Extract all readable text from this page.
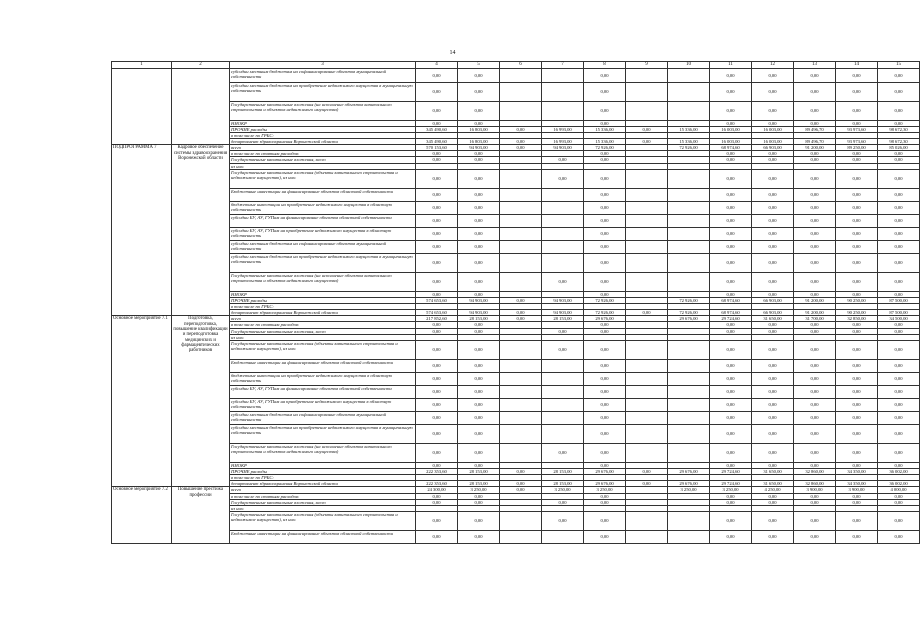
14
1	2	3	4	5	6	7	8	9	10	11	12	13	14	15
		субсидии местным бюджетам на софинансирование объектов муниципальной собственности	0,00	0,00			0,00			0,00	0,00	0,00	0,00	0,00
		субсидии местным бюджетам на приобретение недвижимого имущества в муниципальную собственность	0,00	0,00			0,00			0,00	0,00	0,00	0,00	0,00
		Государственные капитальные вложения (на исполнение объектов капитального строительства и объектов недвижимого имущества)	0,00	0,00			0,00			0,00	0,00	0,00	0,00	0,00
		НИОКР	0,00	0,00			0,00			0,00	0,00	0,00	0,00	0,00
		ПРОЧИЕ расходы	345 490,60	16 803,00	0,00	16 993,00	15 336,00	0,00	15 336,00	16 003,00	16 003,00	89 496,70	93 973,60	98 672,30
		в том числе по ГРБС:												
		департамент здравоохранения Воронежской области	345 490,60	16 803,00	0,00	16 993,00	15 336,00	0,00	15 336,00	16 003,00	16 003,00	89 496,70	93 973,60	98 672,30
ПОДПРОГРАММА 7	Кадровое обеспечение системы здравоохранения Воронежской области	всего	570 153,60	94 903,00	0,00	94 903,00	72 926,00		72 926,00	68 974,60	66 903,00	91 200,00	89 250,00	85 026,00
		в том числе по статьям расходов:	0,00	0,00			0,00			0,00	0,00	0,00	0,00	0,00
		Государственные капитальные вложения, всего	0,00	0,00		0,00	0,00			0,00	0,00	0,00	0,00	0,00
		из них:												
		Государственные капитальные вложения (объекты капитального строительства и недвижимое имущество), из них:	0,00	0,00		0,00	0,00			0,00	0,00	0,00	0,00	0,00
		Бюджетные инвестиции на финансирование объектов областной собственности	0,00	0,00			0,00			0,00	0,00	0,00	0,00	0,00
		бюджетные инвестиции на приобретение недвижимого имущества в областную собственность	0,00	0,00			0,00			0,00	0,00	0,00	0,00	0,00
		субсидии БУ, АУ, ГУПам на финансирование объектов областной собственности	0,00	0,00			0,00			0,00	0,00	0,00	0,00	0,00
		субсидии БУ, АУ, ГУПам на приобретение недвижимого имущества в областную собственность	0,00	0,00			0,00			0,00	0,00	0,00	0,00	0,00
		субсидии местным бюджетам на софинансирование объектов муниципальной собственности	0,00	0,00			0,00			0,00	0,00	0,00	0,00	0,00
		субсидии местным бюджетам на приобретение недвижимого имущества в муниципальную собственность	0,00	0,00			0,00			0,00	0,00	0,00	0,00	0,00
		Государственные капитальные вложения (на исполнение объектов капитального строительства и объектов недвижимого имущества)	0,00	0,00		0,00	0,00			0,00	0,00	0,00	0,00	0,00
		НИОКР	0,00	0,00			0,00			0,00	0,00	0,00	0,00	0,00
		ПРОЧИЕ расходы	574 653,60	94 903,00	0,00	94 903,00	72 926,00		72 926,00	68 974,60	66 903,00	91 200,00	90 250,00	87 500,00
		в том числе по ГРБС:												
		департамент здравоохранения Воронежской области	574 653,60	94 903,00	0,00	94 903,00	72 926,00	0,00	72 926,00	68 974,60	66 903,00	91 200,00	90 250,00	87 500,00
Основное мероприятие 7.1	Подготовка, переподготовка, повышение квалификации и переподготовка медицинских и фармацевтических работников	всего	217 852,60	28 153,00	0,00	28 153,00	29 676,00		29 676,00	29 724,60	31 650,00	31 700,00	32 850,00	34 500,00
		в том числе по статьям расходов:	0,00	0,00			0,00			0,00	0,00	0,00	0,00	0,00
		Государственные капитальные вложения, всего	0,00	0,00		0,00	0,00			0,00	0,00	0,00	0,00	0,00
		из них:												
		Государственные капитальные вложения (объекты капитального строительства и недвижимое имущество), из них:	0,00	0,00		0,00	0,00			0,00	0,00	0,00	0,00	0,00
		Бюджетные инвестиции на финансирование объектов областной собственности	0,00	0,00			0,00			0,00	0,00	0,00	0,00	0,00
		бюджетные инвестиции на приобретение недвижимого имущества в областную собственность	0,00	0,00			0,00			0,00	0,00	0,00	0,00	0,00
		субсидии БУ, АУ, ГУПам на финансирование объектов областной собственности	0,00	0,00			0,00			0,00	0,00	0,00	0,00	0,00
		субсидии БУ, АУ, ГУПам на приобретение недвижимого имущества в областную собственность	0,00	0,00			0,00			0,00	0,00	0,00	0,00	0,00
		субсидии местным бюджетам на софинансирование объектов муниципальной собственности	0,00	0,00			0,00			0,00	0,00	0,00	0,00	0,00
		субсидии местным бюджетам на приобретение недвижимого имущества в муниципальную собственность	0,00	0,00			0,00			0,00	0,00	0,00	0,00	0,00
		Государственные капитальные вложения (на исполнение объектов капитального строительства и объектов недвижимого имущества)	0,00	0,00		0,00	0,00			0,00	0,00	0,00	0,00	0,00
		НИОКР	0,00	0,00			0,00			0,00	0,00	0,00	0,00	0,00
		ПРОЧИЕ расходы	222 353,60	28 153,00	0,00	28 153,00	29 676,00	0,00	29 676,00	29 724,60	31 650,00	32 860,00	34 350,00	36 002,00
		в том числе по ГРБС:												
		департамент здравоохранения Воронежской области	222 353,60	28 153,00	0,00	28 153,00	29 676,00	0,00	29 676,00	29 724,60	31 650,00	32 860,00	34 350,00	36 002,00
Основное мероприятие 7.2	Повышение престижа профессии	всего	24 300,00	3 250,00	0,00	3 250,00	3 250,00		3 250,00	3 250,00	4 250,00	3 900,00	3 900,00	4 000,00
		в том числе по статьям расходов:	0,00	0,00			0,00			0,00	0,00	0,00	0,00	0,00
		Государственные капитальные вложения, всего	0,00	0,00		0,00	0,00			0,00	0,00	0,00	0,00	0,00
		из них:												
		Государственные капитальные вложения (объекты капитального строительства и недвижимое имущество), из них:	0,00	0,00		0,00	0,00			0,00	0,00	0,00	0,00	0,00
		Бюджетные инвестиции на финансирование объектов областной собственности	0,00	0,00			0,00			0,00	0,00	0,00	0,00	0,00
